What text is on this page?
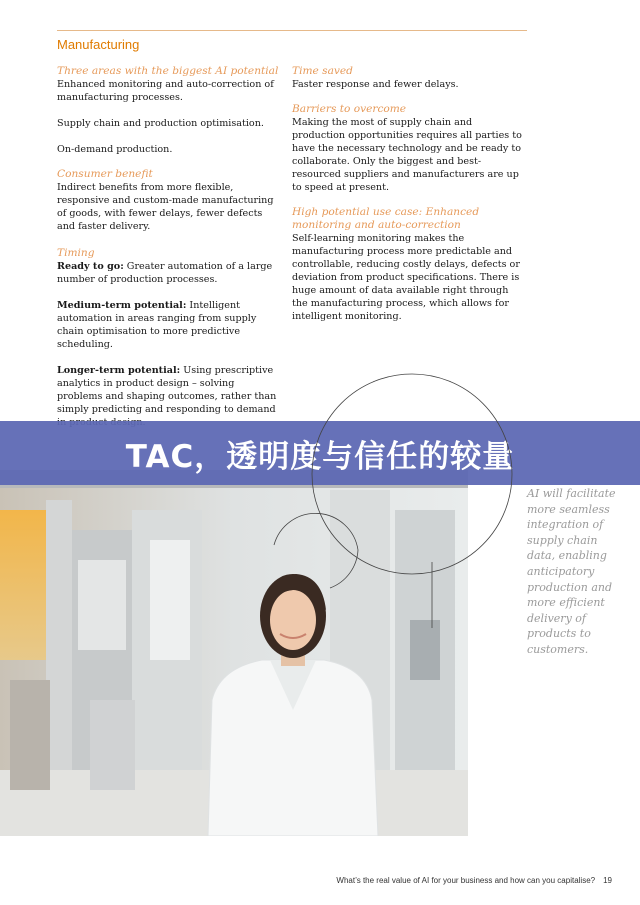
Manufacturing

Three areas with the biggest AI potential

Enhanced monitoring and auto-correction of manufacturing processes.

Supply chain and production optimisation.

On-demand production.

Consumer benefit

Indirect benefits from more flexible, responsive and custom-made manufacturing of goods, with fewer delays, fewer defects and faster delivery.

Timing

Ready to go: Greater automation of a large number of production processes.

Medium-term potential: Intelligent automation in areas ranging from supply chain optimisation to more predictive scheduling.

Longer-term potential: Using prescriptive analytics in product design – solving problems and shaping outcomes, rather than simply predicting and responding to demand

Time saved

Faster response and fewer delays.

Barriers to overcome

Making the most of supply chain and production opportunities requires all parties to have the necessary technology and be ready to collaborate. Only the biggest and best-resourced suppliers and manufacturers are up to speed at present.

High potential use case: Enhanced monitoring and auto-correction

Self-learning monitoring makes the manufacturing process more predictable and controllable, reducing costly delays, defects or deviation from product specifications. There is huge amount of data available right through the manufacturing process, which allows for intelligent monitoring.

TAC，透明度与信任的较量
AI will facilitate more seamless integration of supply chain data, enabling anticipatory production and more efficient delivery of products to customers.
What’s the real value of AI for your business and how can you capitalise? 19
